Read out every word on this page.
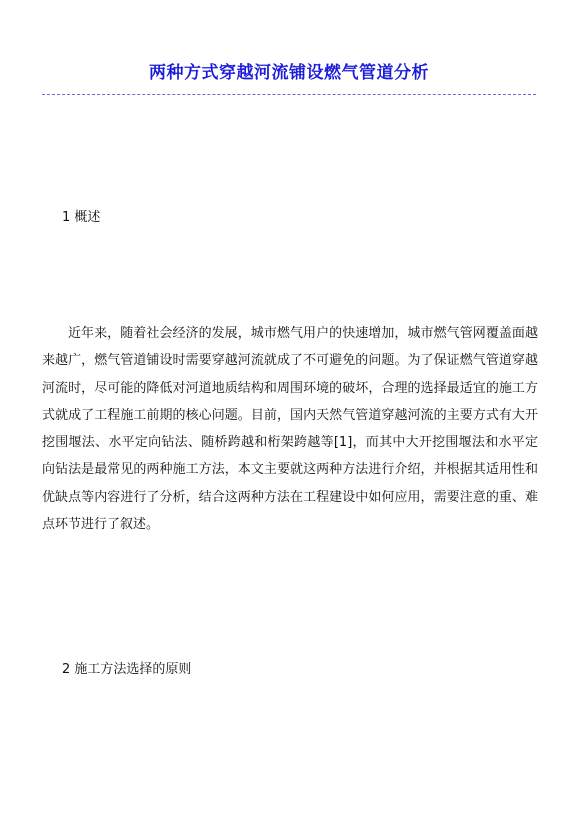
两种方式穿越河流铺设燃气管道分析
1 概述

近年来，随着社会经济的发展，城市燃气用户的快速增加，城市燃气管网覆盖面越来越广，燃气管道铺设时需要穿越河流就成了不可避免的问题。为了保证燃气管道穿越河流时，尽可能的降低对河道地质结构和周围环境的破坏，合理的选择最适宜的施工方式就成了工程施工前期的核心问题。目前，国内天然气管道穿越河流的主要方式有大开挖围堰法、水平定向钻法、随桥跨越和桁架跨越等[1]，而其中大开挖围堰法和水平定向钻法是最常见的两种施工方法，本文主要就这两种方法进行介绍，并根据其适用性和优缺点等内容进行了分析，结合这两种方法在工程建设中如何应用，需要注意的重、难点环节进行了叙述。

2 施工方法选择的原则
